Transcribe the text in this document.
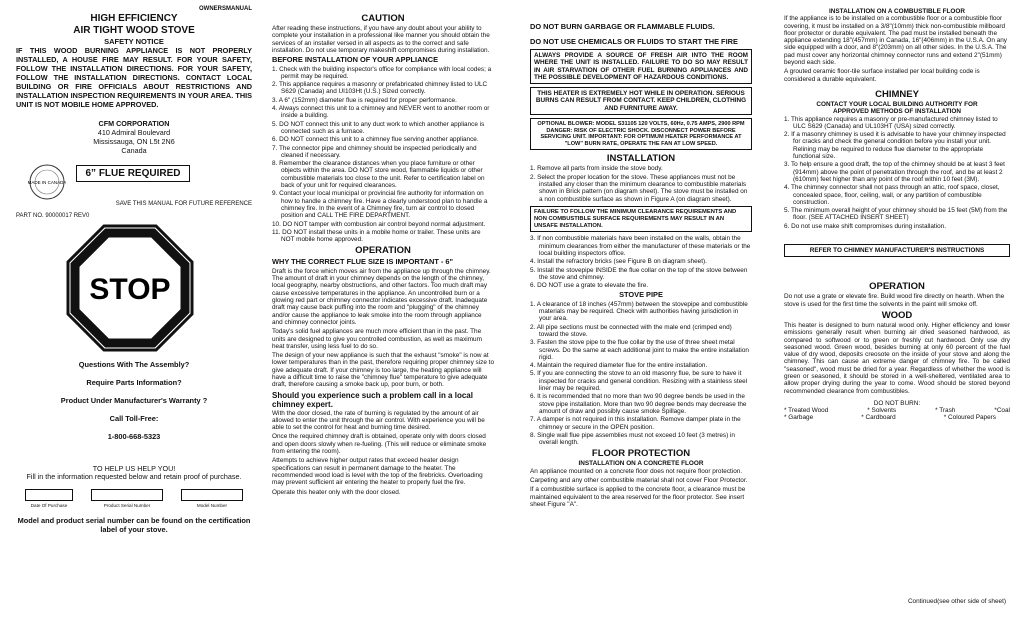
OWNERSMANUAL
HIGH EFFICIENCY
AIR TIGHT WOOD STOVE
SAFETY NOTICE

IF THIS WOOD BURNING APPLIANCE IS NOT PROPERLY INSTALLED, A HOUSE FIRE MAY RESULT. FOR YOUR SAFETY, FOLLOW THE INSTALLATION DIRECTIONS. FOR YOUR SAFETY, FOLLOW THE INSTALLATION DIRECTIONS. CONTACT LOCAL BUILDING OR FIRE OFFICIALS ABOUT RESTRICTIONS AND INSTALLATION INSPECTION REQUIREMENTS IN YOUR AREA. THIS UNIT IS NOT MOBILE HOME APPROVED.

CFM CORPORATION
410 Admiral Boulevard
Mississauga, ON L5t 2N6
Canada
MADE IN CANADA
6” FLUE REQUIRED
SAVE THIS MANUAL FOR FUTURE REFERENCE
PART NO. 90000017 REV0
STOP
Questions With The Assembly?
Require Parts Information?
Product Under Manufacturer's Warranty ?
Call Toll-Free:
1-800-668-5323
TO HELP US HELP YOU!
Fill in the information requested below and retain proof of purchase.
Date Of Purchase	Product Serial Number	Model Number

Model and product serial number can be found on the certification label of your stove.

CAUTION

After reading these instructions, if you have any doubt about your ability to complete your installation in a professional like manner you should obtain the services of an installer versed in all aspects as to the correct and safe installation. Do not use temporary makeshift compromises during installation.

BEFORE INSTALLATION OF YOUR APPLIANCE
1. Check with the building inspector's office for compliance with local codes; a permit may be required.
2. This appliance requires a masonry or prefabricated chimney listed to ULC S629 (Canada) and UI103Ht (U.S.) Sized correctly.
3. A 6" (152mm) diameter flue is required for proper performance.
4. Always connect this unit to a chimney and NEVER vent to another room or inside a building.
5. DO NOT connect this unit to any duct work to which another appliance is connected such as a furnace.
6. DO NOT connect this unit to a chimney flue serving another appliance.
7. The connector pipe and chimney should be inspected periodically and cleaned if necessary.
8. Remember the clearance distances when you place furniture or other objects within the area. DO NOT store wood, flammable liquids or other combustible materials too close to the unit. Refer to certification label on back of your unit for required clearances.
9. Contact your local municipal or provincial fire authority for information on how to handle a chimney fire. Have a clearly understood plan to handle a chimney fire. In the event of a Chimney fire, turn air control to closed position and CALL THE FIRE DEPARTMENT.
10. DO NOT tamper with combustion air control beyond normal adjustment.
11. DO NOT install these units in a mobile home or trailer. These units are NOT mobile home approved.
OPERATION
WHY THE CORRECT FLUE SIZE IS IMPORTANT - 6"

Draft is the force which moves air from the appliance up through the chimney. The amount of draft in your chimney depends on the length of the chimney, local geography, nearby obstructions, and other factors. Too much draft may cause excessive temperatures in the appliance. An uncontrolled burn or a glowing red part or chimney connector indicates excessive draft. Inadequate draft may cause back puffing into the room and "plugging" of the chimney and/or cause the appliance to leak smoke into the room through appliance and chimney connector joints.

Today's solid fuel appliances are much more efficient than in the past. The units are designed to give you controlled combustion, as well as maximum heat transfer, using less fuel to do so.

The design of your new appliance is such that the exhaust "smoke" is now at lower temperatures than in the past, therefore requiring proper chimney size to give adequate draft. If your chimney is too large, the heating appliance will have a difficult time to raise the "chimney flue" temperature to give adequate draft, therefore causing a smoke back up, poor burn, or both.

Should you experience such a problem call in a local chimney expert.

With the door closed, the rate of burning is regulated by the amount of air allowed to enter the unit through the air control. With experience you will be able to set the control for heat and burning time desired.

Once the required chimney draft is obtained, operate only with doors closed and open doors slowly when re-fueling. (This will reduce or eliminate smoke from entering the room).

Attempts to achieve higher output rates that exceed heater design specifications can result in permanent damage to the heater. The recommended wood load is level with the top of the firebricks. Overloading may prevent sufficient air entering the heater to properly fuel the fire.

Operate this heater only with the door closed.

DO NOT BURN GARBAGE OR FLAMMABLE FLUIDS.
DO NOT USE CHEMICALS OR FLUIDS TO START THE FIRE
ALWAYS PROVIDE A SOURCE OF FRESH AIR INTO THE ROOM WHERE THE UNIT IS INSTALLED. FAILURE TO DO SO MAY RESULT IN AIR STARVATION OF OTHER FUEL BURNING APPLIANCES AND THE POSSIBLE DEVELOPMENT OF HAZARDOUS CONDITIONS.
THIS HEATER IS EXTREMELY HOT WHILE IN OPERATION. SERIOUS BURNS CAN RESULT FROM CONTACT. KEEP CHILDREN, CLOTHING AND FURNITURE AWAY.
OPTIONAL BLOWER: MODEL S31105 120 VOLTS, 60Hz, 0.75 AMPS, 2900 RPM DANGER: RISK OF ELECTRIC SHOCK. DISCONNECT POWER BEFORE SERVICING UNIT. IMPORTANT: FOR OPTIMUM HEATER PERFORMANCE AT "LOW" BURN RATE, OPERATE THE FAN AT LOW SPEED.
INSTALLATION
1. Remove all parts from inside the stove body.
2. Select the proper location for the stove. These appliances must not be installed any closer than the minimum clearance to combustible materials shown in Brick pattern (on diagram sheet). The stove must be installed on a non combustible surface as shown in Figure A (on diagram sheet).
FAILURE TO FOLLOW THE MINIMUM CLEARANCE REQUIREMENTS AND NON COMBUSTIBLE SURFACE REQUIREMENTS MAY RESULT IN AN UNSAFE INSTALLATION.
3. If non combustible materials have been installed on the walls, obtain the minimum clearances from either the manufacturer of these materials or the local building inspectors office.
4. Install the refractory bricks (see Figure B on diagram sheet).
5. Install the stovepipe INSIDE the flue collar on the top of the stove between the stove and chimney.
6. DO NOT use a grate to elevate the fire.
STOVE PIPE
1. A clearance of 18 inches (457mm) between the stovepipe and combustible materials may be required. Check with authorities having jurisdiction in your area.
2. All pipe sections must be connected with the male end (crimped end) toward the stove.
3. Fasten the stove pipe to the flue collar by the use of three sheet metal screws. Do the same at each additional joint to make the entire installation rigid.
4. Maintain the required diameter flue for the entire installation.
5. If you are connecting the stove to an old masonry flue, be sure to have it inspected for cracks and general condition. Resizing with a stainless steel liner may be required.
6. It is recommended that no more than two 90 degree bends be used in the stove pipe installation. More than two 90 degree bends may decrease the amount of draw and possibly cause smoke Spillage.
7. A damper is not required in this installation. Remove damper plate in the chimney or secure in the OPEN position.
8. Single wall flue pipe assemblies must not exceed 10 feet (3 metres) in overall length.
FLOOR PROTECTION
INSTALLATION ON A CONCRETE FLOOR

An appliance mounted on a concrete floor does not require floor protection.

Carpeting and any other combustible material shall not cover Floor Protector.

If a combustible surface is applied to the concrete floor, a clearance must be maintained equivalent to the area reserved for the floor protector. See insert sheet Figure "A".

INSTALLATION ON A COMBUSTIBLE FLOOR

If the appliance is to be installed on a combustible floor or a combustible floor covering, it must be installed on a 3/8"(10mm) thick non-combustible millboard floor protector or durable equivalent. The pad must be installed beneath the appliance extending 18"(457mm) in Canada, 16"(406mm) in the U.S.A. On any side equipped with a door, and 8"(203mm) on all other sides. In the U.S.A. The pad must cover any horizontal chimney connector runs and extend 2"(51mm) beyond each side.

A grouted ceramic floor-tile surface installed per local building code is considered a durable equivalent.

CHIMNEY
CONTACT YOUR LOCAL BUILDING AUTHORITY FOR APPROVED METHODS OF INSTALLATION
1. This appliance requires a masonry or pre-manufactured chimney listed to ULC S629 (Canada) and UL103HT (USA) sized correctly.
2. If a masonry chimney is used it is advisable to have your chimney inspected for cracks and check the general condition before you install your unit. Relining may be required to reduce flue diameter to the appropriate functional size.
3. To help ensure a good draft, the top of the chimney should be at least 3 feet (914mm) above the point of penetration through the roof, and be at least 2 (610mm) feet higher than any point of the roof within 10 feet (3M).
4. The chimney connector shall not pass through an attic, roof space, closet, concealed space, floor, ceiling, wall, or any partition of combustible construction.
5. The minimum overall height of your chimney should be 15 feet (5M) from the floor. (SEE ATTACHED INSERT SHEET)
6. Do not use make shift compromises during installation.
REFER TO CHIMNEY MANUFACTURER'S INSTRUCTIONS
OPERATION

Do not use a grate or elevate fire. Build wood fire directly on hearth. When the stove is used for the first time the solvents in the paint will smoke off.

WOOD

This heater is designed to burn natural wood only. Higher efficiency and lower emissions generally result when burning air dried seasoned hardwood, as compared to softwood or to green or freshly cut hardwood. Only use dry seasoned wood. Green wood, besides burning at only 60 percent of the fuel value of dry wood, deposits creosote on the inside of your stove and along the chimney. This can cause an extreme danger of chimney fire. To be called "seasoned", wood must be dried for a year. Regardless of whether the wood is green or seasoned, it should be stored in a well-sheltered, ventilated area to allow proper drying during the year to come. Wood should be stored beyond recommended clearance from combustibles.

DO NOT BURN:
* Treated Wood	* Solvents	* Trash	*Coal
* Garbage	* Cardboard	* Coloured Papers
Continued(see other side of sheet)
